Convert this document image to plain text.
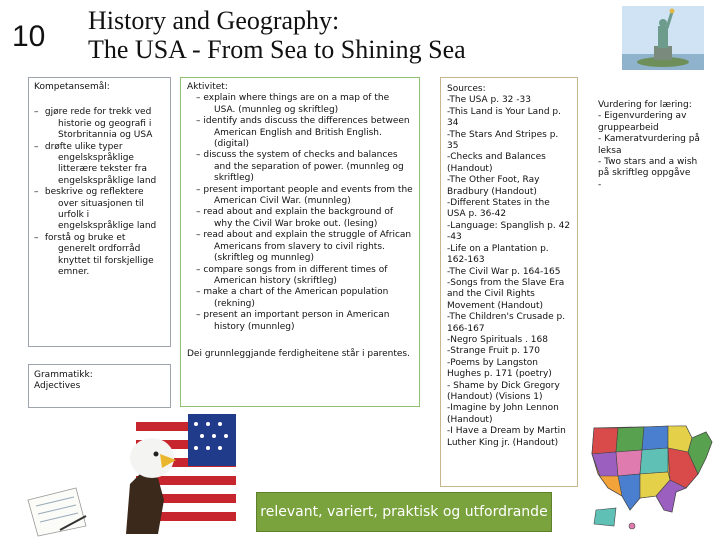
10 History and Geography:
The USA - From Sea to Shining Sea
Kompetansemål:
– gjøre rede for trekk ved historie og geografi i Storbritannia og USA
– drøfte ulike typer engelskspråklige litterære tekster fra engelskspråklige land
– beskrive og reflektere over situasjonen til urfolk i engelskspråklige land
– forstå og bruke et generelt ordforråd knyttet til forskjellige emner.
Grammatikk:
Adjectives
Aktivitet:
– explain where things are on a map of the USA. (munnleg og skriftleg)
– identify ands discuss the differences between American English and British English. (digital)
– discuss the system of checks and balances and the separation of power. (munnleg og skriftleg)
– present important people and events from the American Civil War. (munnleg)
– read about and explain the background of why the Civil War broke out. (lesing)
– read about and explain the struggle of African Americans from slavery to civil rights. (skriftleg og munnleg)
– compare songs from in different times of American history (skriftleg)
– make a chart of the American population (rekning)
– present an important person in American history (munnleg)
Dei grunnleggjande ferdigheitene står i parentes.

Sources:

-The USA p. 32 -33

-This Land is Your Land p. 34

-The Stars And Stripes p. 35

-Checks and Balances (Handout)

-The Other Foot, Ray Bradbury (Handout)

-Different States in the USA p. 36-42

-Language: Spanglish p. 42 -43

-Life on a Plantation p. 162-163

-The Civil War p. 164-165

-Songs from the Slave Era and the Civil Rights Movement (Handout)

-The Children's Crusade p. 166-167

-Negro Spirituals . 168

-Strange Fruit p. 170

-Poems by Langston Hughes p. 171 (poetry)

- Shame by Dick Gregory (Handout) (Visions 1)

-Imagine by John Lennon (Handout)

-I Have a Dream by Martin Luther King jr. (Handout)

Vurdering for læring:

- Eigenvurdering av gruppearbeid

- Kameratvurdering på leksa

- Two stars and a wish på skriftleg oppgåve

-

relevant, variert, praktisk og utfordrande
